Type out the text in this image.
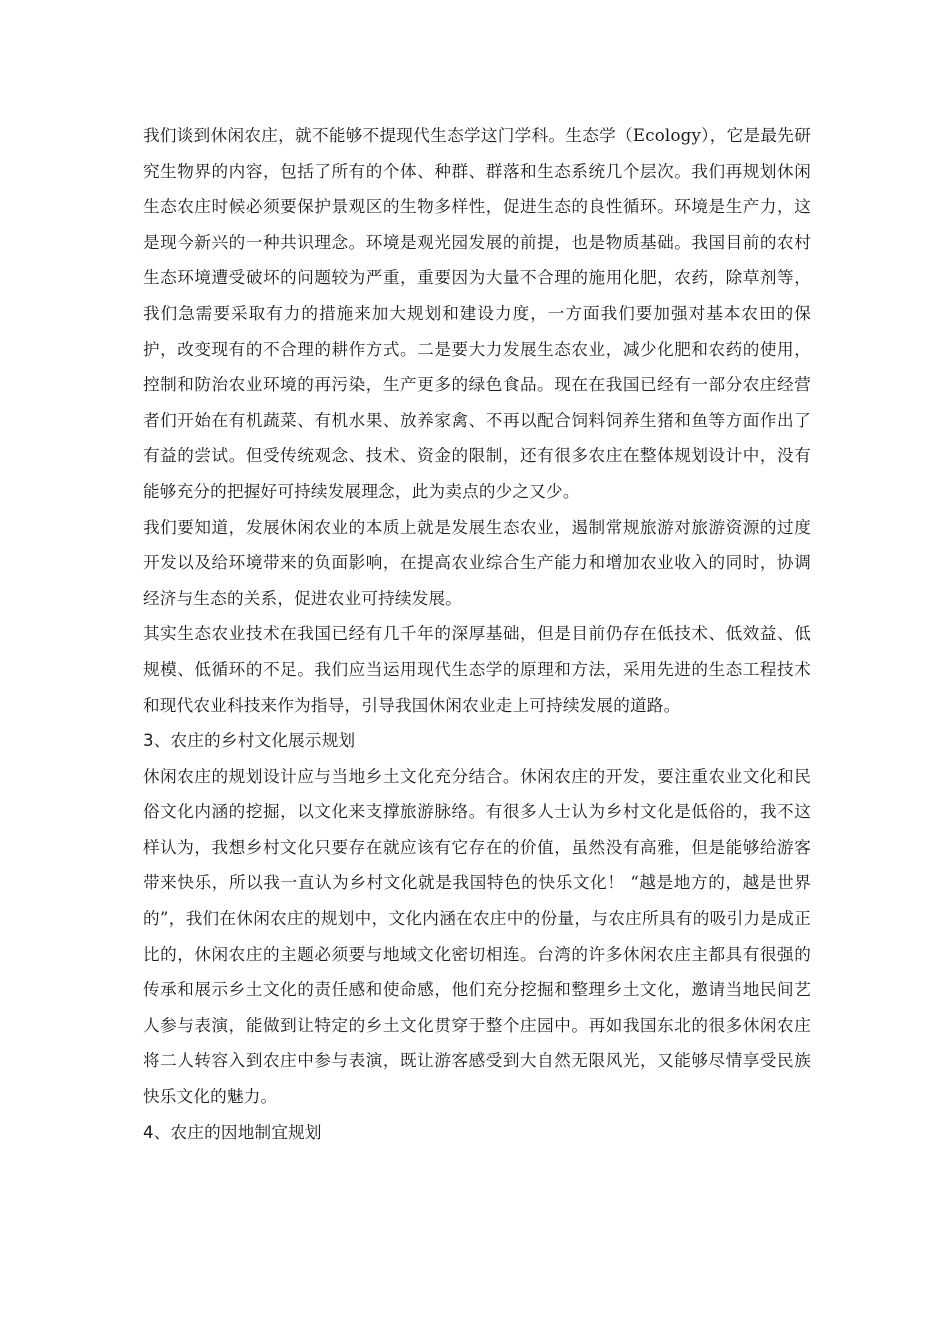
我们谈到休闲农庄，就不能够不提现代生态学这门学科。生态学（Ecology），它是最先研究生物界的内容，包括了所有的个体、种群、群落和生态系统几个层次。我们再规划休闲生态农庄时候必须要保护景观区的生物多样性，促进生态的良性循环。环境是生产力，这是现今新兴的一种共识理念。环境是观光园发展的前提，也是物质基础。我国目前的农村生态环境遭受破坏的问题较为严重，重要因为大量不合理的施用化肥，农药，除草剂等，我们急需要采取有力的措施来加大规划和建设力度，一方面我们要加强对基本农田的保护，改变现有的不合理的耕作方式。二是要大力发展生态农业，减少化肥和农药的使用，控制和防治农业环境的再污染，生产更多的绿色食品。现在在我国已经有一部分农庄经营者们开始在有机蔬菜、有机水果、放养家禽、不再以配合饲料饲养生猪和鱼等方面作出了有益的尝试。但受传统观念、技术、资金的限制，还有很多农庄在整体规划设计中，没有能够充分的把握好可持续发展理念，此为卖点的少之又少。

我们要知道，发展休闲农业的本质上就是发展生态农业，遏制常规旅游对旅游资源的过度开发以及给环境带来的负面影响，在提高农业综合生产能力和增加农业收入的同时，协调经济与生态的关系，促进农业可持续发展。

其实生态农业技术在我国已经有几千年的深厚基础，但是目前仍存在低技术、低效益、低规模、低循环的不足。我们应当运用现代生态学的原理和方法，采用先进的生态工程技术和现代农业科技来作为指导，引导我国休闲农业走上可持续发展的道路。

3、农庄的乡村文化展示规划

休闲农庄的规划设计应与当地乡土文化充分结合。休闲农庄的开发，要注重农业文化和民俗文化内涵的挖掘，以文化来支撑旅游脉络。有很多人士认为乡村文化是低俗的，我不这样认为，我想乡村文化只要存在就应该有它存在的价值，虽然没有高雅，但是能够给游客带来快乐，所以我一直认为乡村文化就是我国特色的快乐文化！ “越是地方的，越是世界的”，我们在休闲农庄的规划中，文化内涵在农庄中的份量，与农庄所具有的吸引力是成正比的，休闲农庄的主题必须要与地域文化密切相连。台湾的许多休闲农庄主都具有很强的传承和展示乡土文化的责任感和使命感，他们充分挖掘和整理乡土文化，邀请当地民间艺人参与表演，能做到让特定的乡土文化贯穿于整个庄园中。再如我国东北的很多休闲农庄将二人转容入到农庄中参与表演，既让游客感受到大自然无限风光，又能够尽情享受民族快乐文化的魅力。

4、农庄的因地制宜规划
